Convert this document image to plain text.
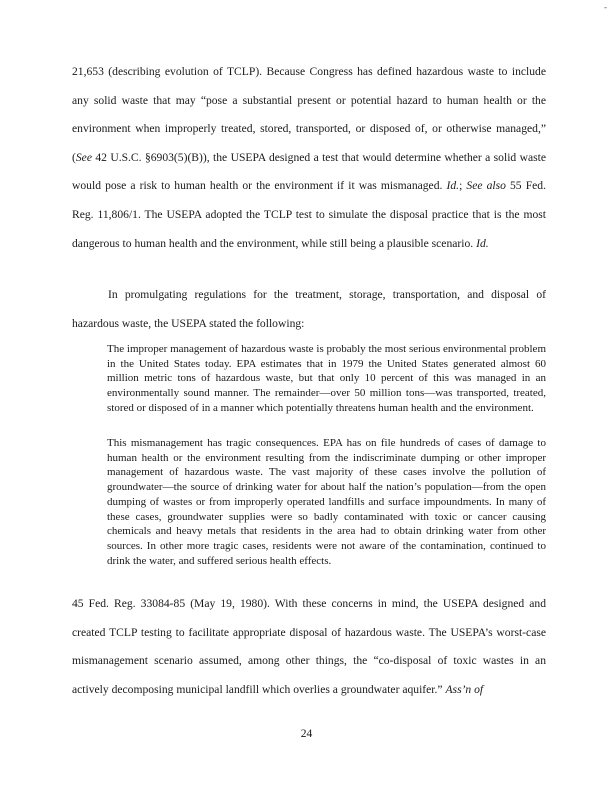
-

21,653 (describing evolution of TCLP). Because Congress has defined hazardous waste to include any solid waste that may “pose a substantial present or potential hazard to human health or the environment when improperly treated, stored, transported, or disposed of, or otherwise managed,” (See 42 U.S.C. §6903(5)(B)), the USEPA designed a test that would determine whether a solid waste would pose a risk to human health or the environment if it was mismanaged. Id.; See also 55 Fed. Reg. 11,806/1. The USEPA adopted the TCLP test to simulate the disposal practice that is the most dangerous to human health and the environment, while still being a plausible scenario. Id.

In promulgating regulations for the treatment, storage, transportation, and disposal of hazardous waste, the USEPA stated the following:

The improper management of hazardous waste is probably the most serious environmental problem in the United States today. EPA estimates that in 1979 the United States generated almost 60 million metric tons of hazardous waste, but that only 10 percent of this was managed in an environmentally sound manner. The remainder—over 50 million tons—was transported, treated, stored or disposed of in a manner which potentially threatens human health and the environment.

This mismanagement has tragic consequences. EPA has on file hundreds of cases of damage to human health or the environment resulting from the indiscriminate dumping or other improper management of hazardous waste. The vast majority of these cases involve the pollution of groundwater—the source of drinking water for about half the nation’s population—from the open dumping of wastes or from improperly operated landfills and surface impoundments. In many of these cases, groundwater supplies were so badly contaminated with toxic or cancer causing chemicals and heavy metals that residents in the area had to obtain drinking water from other sources. In other more tragic cases, residents were not aware of the contamination, continued to drink the water, and suffered serious health effects.

45 Fed. Reg. 33084-85 (May 19, 1980). With these concerns in mind, the USEPA designed and created TCLP testing to facilitate appropriate disposal of hazardous waste. The USEPA’s worst-case mismanagement scenario assumed, among other things, the “co-disposal of toxic wastes in an actively decomposing municipal landfill which overlies a groundwater aquifer.” Ass’n of

24
